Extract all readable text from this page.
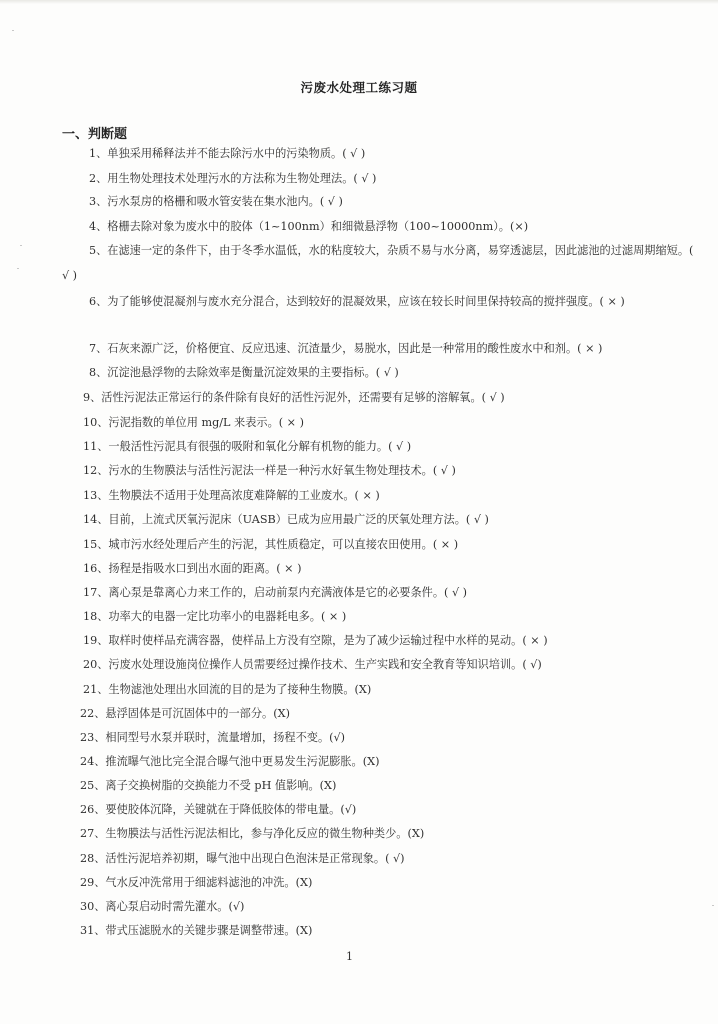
污废水处理工练习题
一、判断题
1、单独采用稀释法并不能去除污水中的污染物质。( √ )
2、用生物处理技术处理污水的方法称为生物处理法。( √ )
3、污水泵房的格栅和吸水管安装在集水池内。( √ )
4、格栅去除对象为废水中的胶体（1~100nm）和细微悬浮物（100~10000nm）。(×)
5、在滤速一定的条件下，由于冬季水温低，水的粘度较大，杂质不易与水分离，易穿透滤层，因此滤池的过滤周期缩短。( √ )
6、为了能够使混凝剂与废水充分混合，达到较好的混凝效果，应该在较长时间里保持较高的搅拌强度。( × )
7、石灰来源广泛，价格便宜、反应迅速、沉渣量少，易脱水，因此是一种常用的酸性废水中和剂。( × )
8、沉淀池悬浮物的去除效率是衡量沉淀效果的主要指标。( √ )
9、活性污泥法正常运行的条件除有良好的活性污泥外，还需要有足够的溶解氧。( √ )
10、污泥指数的单位用 mg/L 来表示。( × )
11、一般活性污泥具有很强的吸附和氧化分解有机物的能力。( √ )
12、污水的生物膜法与活性污泥法一样是一种污水好氧生物处理技术。( √ )
13、生物膜法不适用于处理高浓度难降解的工业废水。( × )
14、目前，上流式厌氧污泥床（UASB）已成为应用最广泛的厌氧处理方法。( √ )
15、城市污水经处理后产生的污泥，其性质稳定，可以直接农田使用。( × )
16、扬程是指吸水口到出水面的距离。( × )
17、离心泵是靠离心力来工作的，启动前泵内充满液体是它的必要条件。( √ )
18、功率大的电器一定比功率小的电器耗电多。( × )
19、取样时使样品充满容器，使样品上方没有空隙，是为了减少运输过程中水样的晃动。( × )
20、污废水处理设施岗位操作人员需要经过操作技术、生产实践和安全教育等知识培训。( √)
21、生物滤池处理出水回流的目的是为了接种生物膜。(X)
22、悬浮固体是可沉固体中的一部分。(X)
23、相同型号水泵并联时，流量增加，扬程不变。(√)
24、推流曝气池比完全混合曝气池中更易发生污泥膨胀。(X)
25、离子交换树脂的交换能力不受 pH 值影响。(X)
26、要使胶体沉降，关键就在于降低胶体的带电量。(√)
27、生物膜法与活性污泥法相比，参与净化反应的微生物种类少。(X)
28、活性污泥培养初期，曝气池中出现白色泡沫是正常现象。( √)
29、气水反冲洗常用于细滤料滤池的冲洗。(X)
30、离心泵启动时需先灌水。(√)
31、带式压滤脱水的关键步骤是调整带速。(X)
1
